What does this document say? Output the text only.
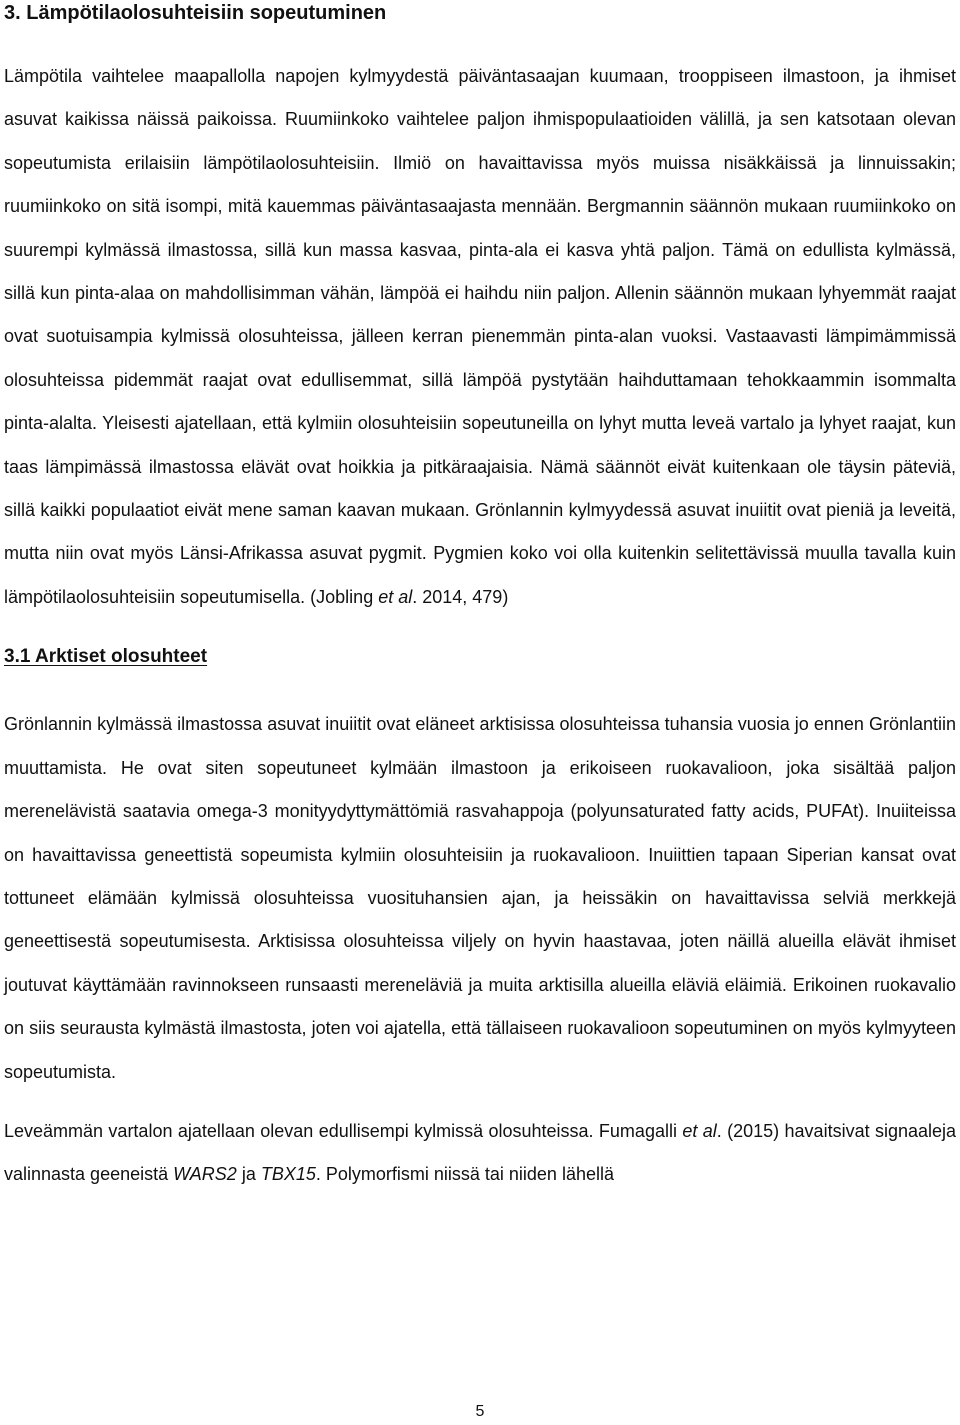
3. Lämpötilaolosuhteisiin sopeutuminen

Lämpötila vaihtelee maapallolla napojen kylmyydestä päiväntasaajan kuumaan, trooppiseen ilmastoon, ja ihmiset asuvat kaikissa näissä paikoissa. Ruumiinkoko vaihtelee paljon ihmispopulaatioiden välillä, ja sen katsotaan olevan sopeutumista erilaisiin lämpötilaolosuhteisiin. Ilmiö on havaittavissa myös muissa nisäkkäissä ja linnuissakin; ruumiinkoko on sitä isompi, mitä kauemmas päiväntasaajasta mennään. Bergmannin säännön mukaan ruumiinkoko on suurempi kylmässä ilmastossa, sillä kun massa kasvaa, pinta-ala ei kasva yhtä paljon. Tämä on edullista kylmässä, sillä kun pinta-alaa on mahdollisimman vähän, lämpöä ei haihdu niin paljon. Allenin säännön mukaan lyhyemmät raajat ovat suotuisampia kylmissä olosuhteissa, jälleen kerran pienemmän pinta-alan vuoksi. Vastaavasti lämpimämmissä olosuhteissa pidemmät raajat ovat edullisemmat, sillä lämpöä pystytään haihduttamaan tehokkaammin isommalta pinta-alalta. Yleisesti ajatellaan, että kylmiin olosuhteisiin sopeutuneilla on lyhyt mutta leveä vartalo ja lyhyet raajat, kun taas lämpimässä ilmastossa elävät ovat hoikkia ja pitkäraajaisia. Nämä säännöt eivät kuitenkaan ole täysin päteviä, sillä kaikki populaatiot eivät mene saman kaavan mukaan. Grönlannin kylmyydessä asuvat inuiitit ovat pieniä ja leveitä, mutta niin ovat myös Länsi-Afrikassa asuvat pygmit. Pygmien koko voi olla kuitenkin selitettävissä muulla tavalla kuin lämpötilaolosuhteisiin sopeutumisella. (Jobling et al. 2014, 479)

3.1 Arktiset olosuhteet

Grönlannin kylmässä ilmastossa asuvat inuiitit ovat eläneet arktisissa olosuhteissa tuhansia vuosia jo ennen Grönlantiin muuttamista. He ovat siten sopeutuneet kylmään ilmastoon ja erikoiseen ruokavalioon, joka sisältää paljon merenelävistä saatavia omega-3 monityydyttymättömiä rasvahappoja (polyunsaturated fatty acids, PUFAt). Inuiiteissa on havaittavissa geneettistä sopeumista kylmiin olosuhteisiin ja ruokavalioon. Inuiittien tapaan Siperian kansat ovat tottuneet elämään kylmissä olosuhteissa vuosituhansien ajan, ja heissäkin on havaittavissa selviä merkkejä geneettisestä sopeutumisesta. Arktisissa olosuhteissa viljely on hyvin haastavaa, joten näillä alueilla elävät ihmiset joutuvat käyttämään ravinnokseen runsaasti mereneläviä ja muita arktisilla alueilla eläviä eläimiä. Erikoinen ruokavalio on siis seurausta kylmästä ilmastosta, joten voi ajatella, että tällaiseen ruokavalioon sopeutuminen on myös kylmyyteen sopeutumista.

Leveämmän vartalon ajatellaan olevan edullisempi kylmissä olosuhteissa. Fumagalli et al. (2015) havaitsivat signaaleja valinnasta geeneistä WARS2 ja TBX15. Polymorfismi niissä tai niiden lähellä

5
